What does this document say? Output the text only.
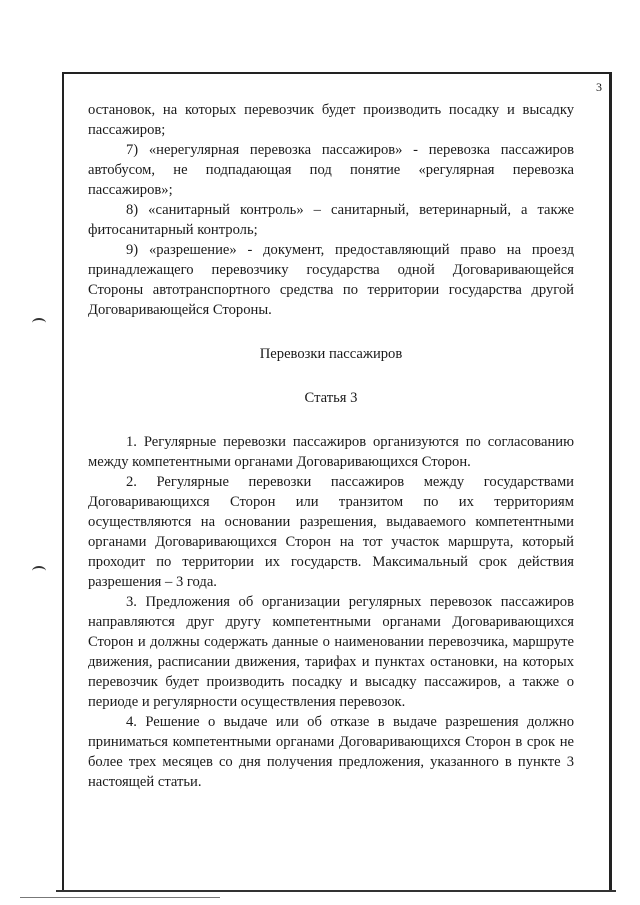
3

остановок, на которых перевозчик будет производить посадку и высадку пассажиров;

7) «нерегулярная перевозка пассажиров» - перевозка пассажиров автобусом, не подпадающая под понятие «регулярная перевозка пассажиров»;

8) «санитарный контроль» – санитарный, ветеринарный, а также фитосанитарный контроль;

9) «разрешение» - документ, предоставляющий право на проезд принадлежащего перевозчику государства одной Договаривающейся Стороны автотранспортного средства по территории государства другой Договаривающейся Стороны.

Перевозки пассажиров
Статья 3

1. Регулярные перевозки пассажиров организуются по согласованию между компетентными органами Договаривающихся Сторон.

2. Регулярные перевозки пассажиров между государствами Договаривающихся Сторон или транзитом по их территориям осуществляются на основании разрешения, выдаваемого компетентными органами Договаривающихся Сторон на тот участок маршрута, который проходит по территории их государств. Максимальный срок действия разрешения – 3 года.

3. Предложения об организации регулярных перевозок пассажиров направляются друг другу компетентными органами Договаривающихся Сторон и должны содержать данные о наименовании перевозчика, маршруте движения, расписании движения, тарифах и пунктах остановки, на которых перевозчик будет производить посадку и высадку пассажиров, а также о периоде и регулярности осуществления перевозок.

4. Решение о выдаче или об отказе в выдаче разрешения должно приниматься компетентными органами Договаривающихся Сторон в срок не более трех месяцев со дня получения предложения, указанного в пункте 3 настоящей статьи.
